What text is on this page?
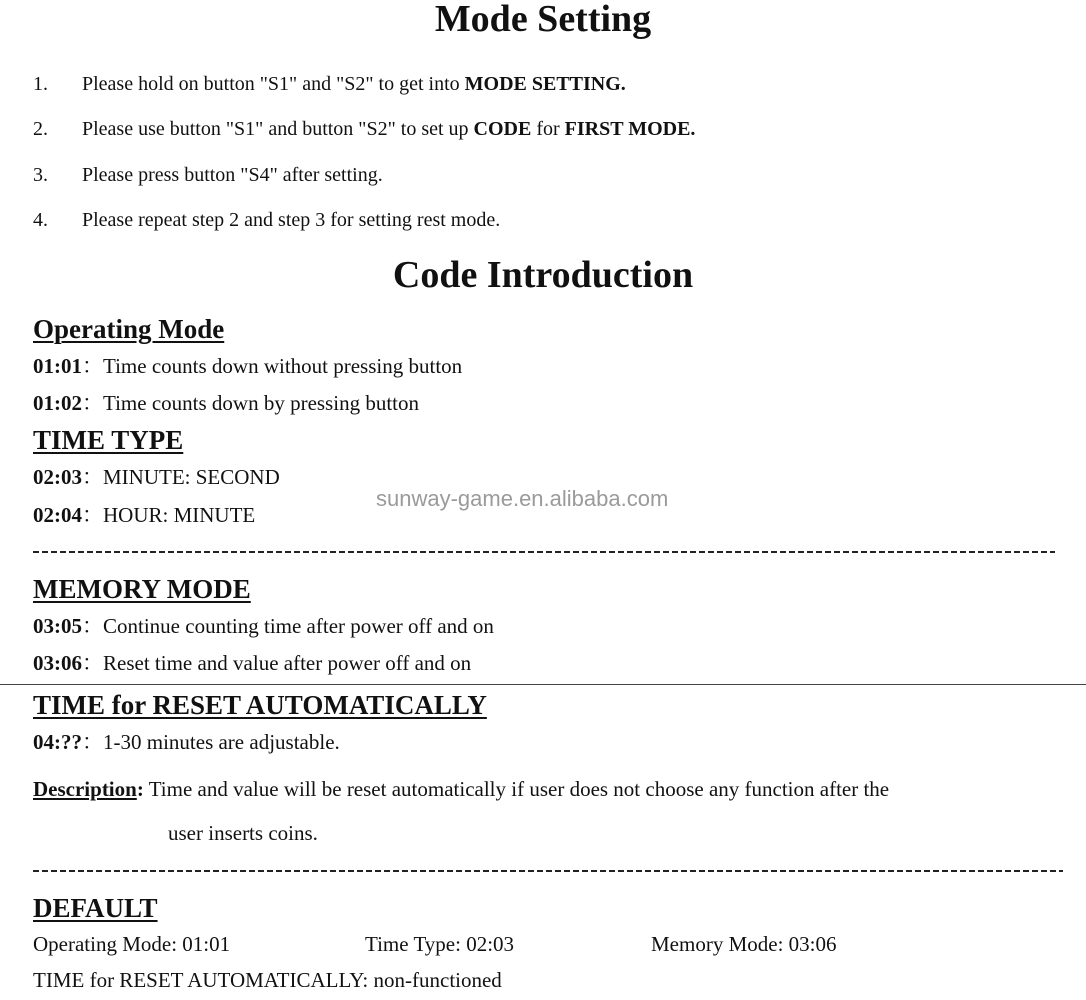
Mode Setting
1. Please hold on button "S1" and "S2" to get into MODE SETTING.
2. Please use button "S1" and button "S2" to set up CODE for FIRST MODE.
3. Please press button "S4" after setting.
4. Please repeat step 2 and step 3 for setting rest mode.
Code Introduction
Operating Mode
01:01：Time counts down without pressing button
01:02：Time counts down by pressing button
TIME TYPE
02:03：MINUTE: SECOND
02:04：HOUR: MINUTE
sunway-game.en.alibaba.com
MEMORY MODE
03:05：Continue counting time after power off and on
03:06：Reset time and value after power off and on
TIME for RESET AUTOMATICALLY
04:??：1-30 minutes are adjustable.
Description: Time and value will be reset automatically if user does not choose any function after the
user inserts coins.
DEFAULT
Operating Mode: 01:01	Time Type: 02:03	Memory Mode: 03:06
TIME for RESET AUTOMATICALLY: non-functioned
